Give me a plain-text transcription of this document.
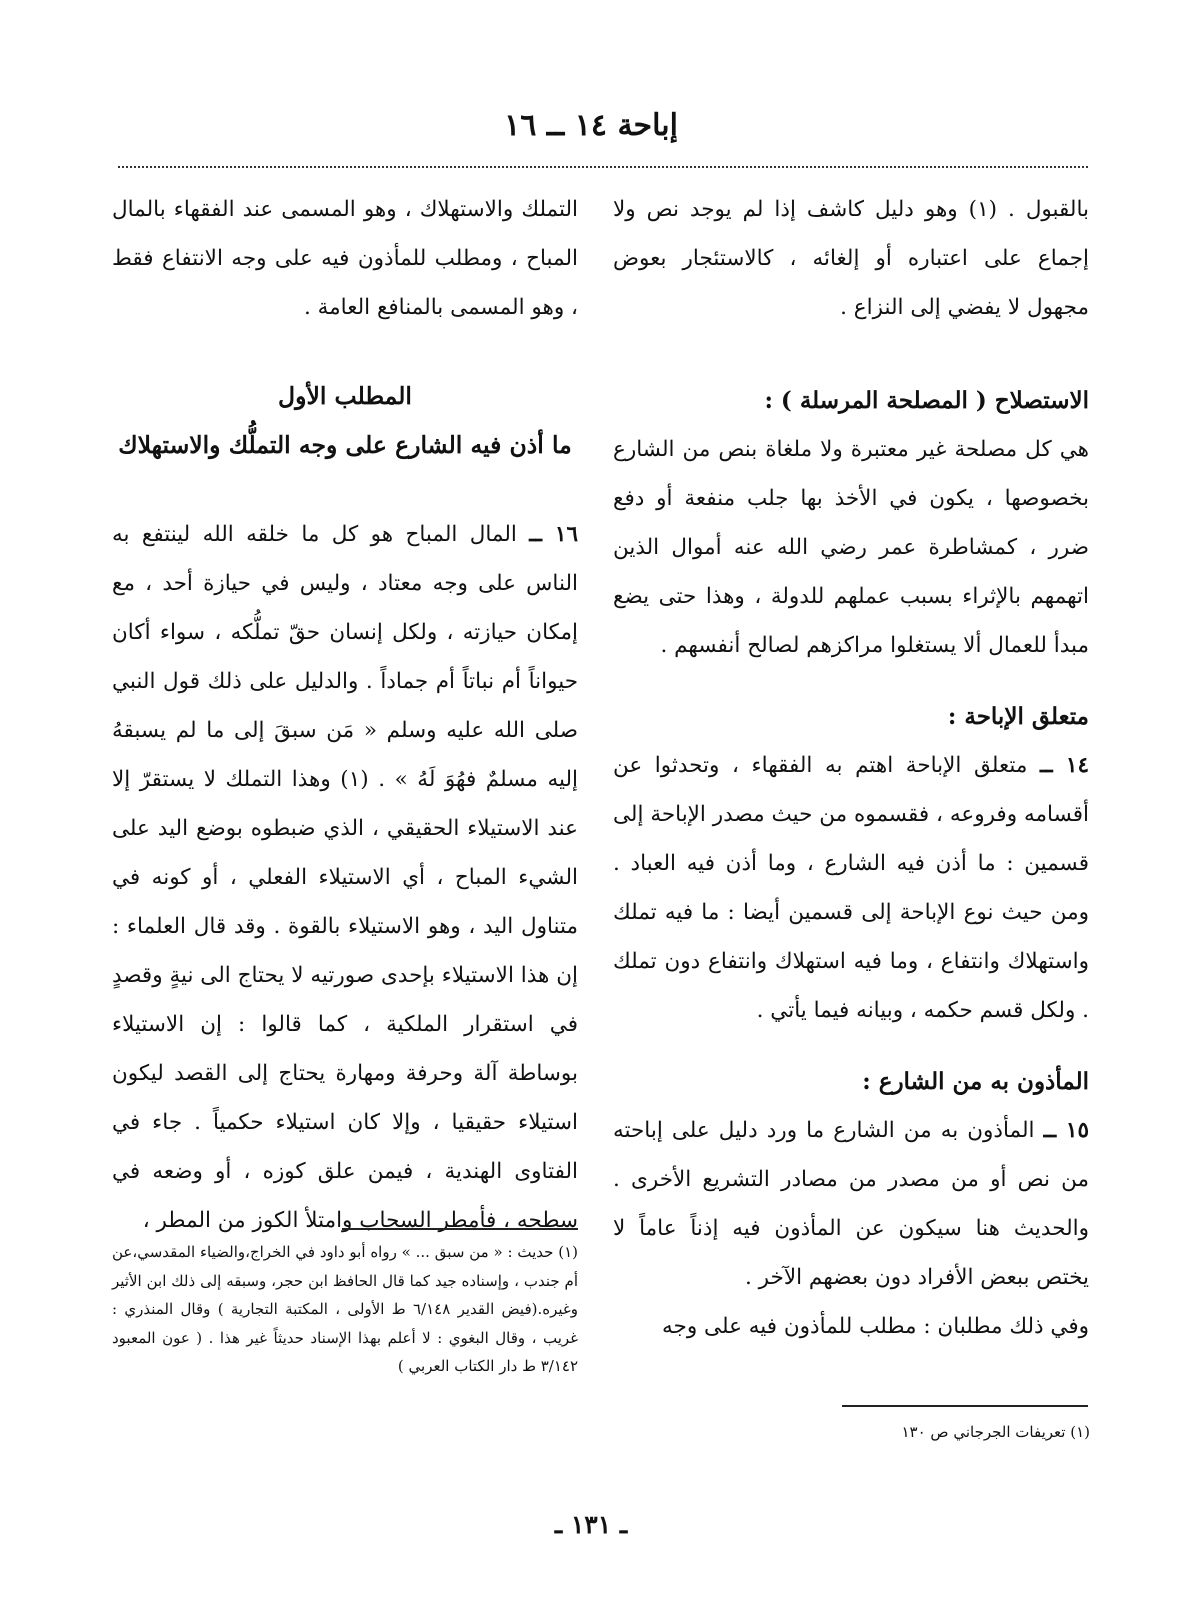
إباحة ١٤ ــ ١٦

بالقبول . (١) وهو دليل كاشف إذا لم يوجد نص ولا إجماع على اعتباره أو إلغائه ، كالاستئجار بعوض مجهول لا يفضي إلى النزاع .

الاستصلاح ( المصلحة المرسلة ) :

هي كل مصلحة غير معتبرة ولا ملغاة بنص من الشارع بخصوصها ، يكون في الأخذ بها جلب منفعة أو دفع ضرر ، كمشاطرة عمر رضي الله عنه أموال الذين اتهمهم بالإثراء بسبب عملهم للدولة ، وهذا حتى يضع مبدأ للعمال ألا يستغلوا مراكزهم لصالح أنفسهم .

متعلق الإباحة :

١٤ ــ متعلق الإباحة اهتم به الفقهاء ، وتحدثوا عن أقسامه وفروعه ، فقسموه من حيث مصدر الإباحة إلى قسمين : ما أذن فيه الشارع ، وما أذن فيه العباد . ومن حيث نوع الإباحة إلى قسمين أيضا : ما فيه تملك واستهلاك وانتفاع ، وما فيه استهلاك وانتفاع دون تملك . ولكل قسم حكمه ، وبيانه فيما يأتي .

المأذون به من الشارع :

١٥ ــ المأذون به من الشارع ما ورد دليل على إباحته من نص أو من مصدر من مصادر التشريع الأخرى . والحديث هنا سيكون عن المأذون فيه إذناً عاماً لا يختص ببعض الأفراد دون بعضهم الآخر .

وفي ذلك مطلبان : مطلب للمأذون فيه على وجه

التملك والاستهلاك ، وهو المسمى عند الفقهاء بالمال المباح ، ومطلب للمأذون فيه على وجه الانتفاع فقط ، وهو المسمى بالمنافع العامة .

المطلب الأول

ما أذن فيه الشارع على وجه التملُّك والاستهلاك

١٦ ــ المال المباح هو كل ما خلقه الله لينتفع به الناس على وجه معتاد ، وليس في حيازة أحد ، مع إمكان حيازته ، ولكل إنسان حقّ تملُّكه ، سواء أكان حيواناً أم نباتاً أم جماداً . والدليل على ذلك قول النبي صلى الله عليه وسلم « مَن سبقَ إلى ما لم يسبقهُ إليه مسلمٌ فهُوَ لَهُ » . (١) وهذا التملك لا يستقرّ إلا عند الاستيلاء الحقيقي ، الذي ضبطوه بوضع اليد على الشيء المباح ، أي الاستيلاء الفعلي ، أو كونه في متناول اليد ، وهو الاستيلاء بالقوة . وقد قال العلماء : إن هذا الاستيلاء بإحدى صورتيه لا يحتاج الى نيةٍ وقصدٍ في استقرار الملكية ، كما قالوا : إن الاستيلاء بوساطة آلة وحرفة ومهارة يحتاج إلى القصد ليكون استيلاء حقيقيا ، وإلا كان استيلاء حكمياً . جاء في الفتاوى الهندية ، فيمن علق كوزه ، أو وضعه في سطحه ، فأمطر السحاب وامتلأ الكوز من المطر ،

(١) حديث : « من سبق ... » رواه أبو داود في الخراج،والضياء المقدسي،عن أم جندب ، وإسناده جيد كما قال الحافظ ابن حجر، وسبقه إلى ذلك ابن الأثير وغيره.(فيض القدير ٦/١٤٨ ط الأولى ، المكتبة التجارية ) وقال المنذري : غريب ، وقال البغوي : لا أعلم بهذا الإسناد حديثاً غير هذا . ( عون المعبود ٣/١٤٢ ط دار الكتاب العربي )

(١) تعريفات الجرجاني ص ١٣٠

ـ ١٣١ ـ
